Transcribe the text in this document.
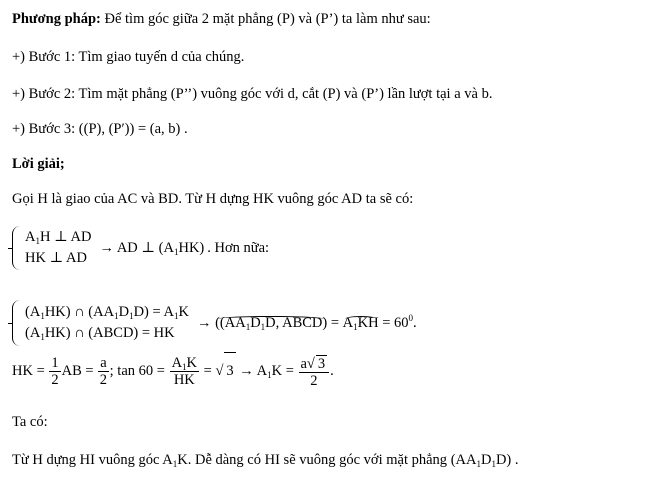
Phương pháp: Để tìm góc giữa 2 mặt phẳng (P) và (P’) ta làm như sau:
+) Bước 1: Tìm giao tuyến d của chúng.
+) Bước 2: Tìm mặt phẳng (P’’) vuông góc với d, cắt (P) và (P’) lần lượt tại a và b.
+) Bước 3: ((P), (P′)) = (a, b) .
Lời giải;
Gọi H là giao của AC và BD. Từ H dựng HK vuông góc AD ta sẽ có:
$A_1H$ ⊥ AD
HK ⊥ AD
→ AD ⊥ $(A_1HK)$ . Hơn nữa:
$(A_1HK)$ ∩ $(AA_1D_1D) = A_1K$
$(A_1HK)$ ∩ (ABCD) = HK
→ (($AA_1D_1D$, ABCD) = $A_1KH = 60^0$.
HK = $\frac{1}{2}$ AB = $\frac{a}{2}$ ; $\tan 60 = \frac{A_1K}{HK}$ = √ $3 \to A_1K = \frac{a√ 3}{2}$ .
Ta có:
Từ H dựng HI vuông góc $A_1K$. Dễ dàng có HI sẽ vuông góc với mặt phẳng $(AA_1D_1D)$ .
